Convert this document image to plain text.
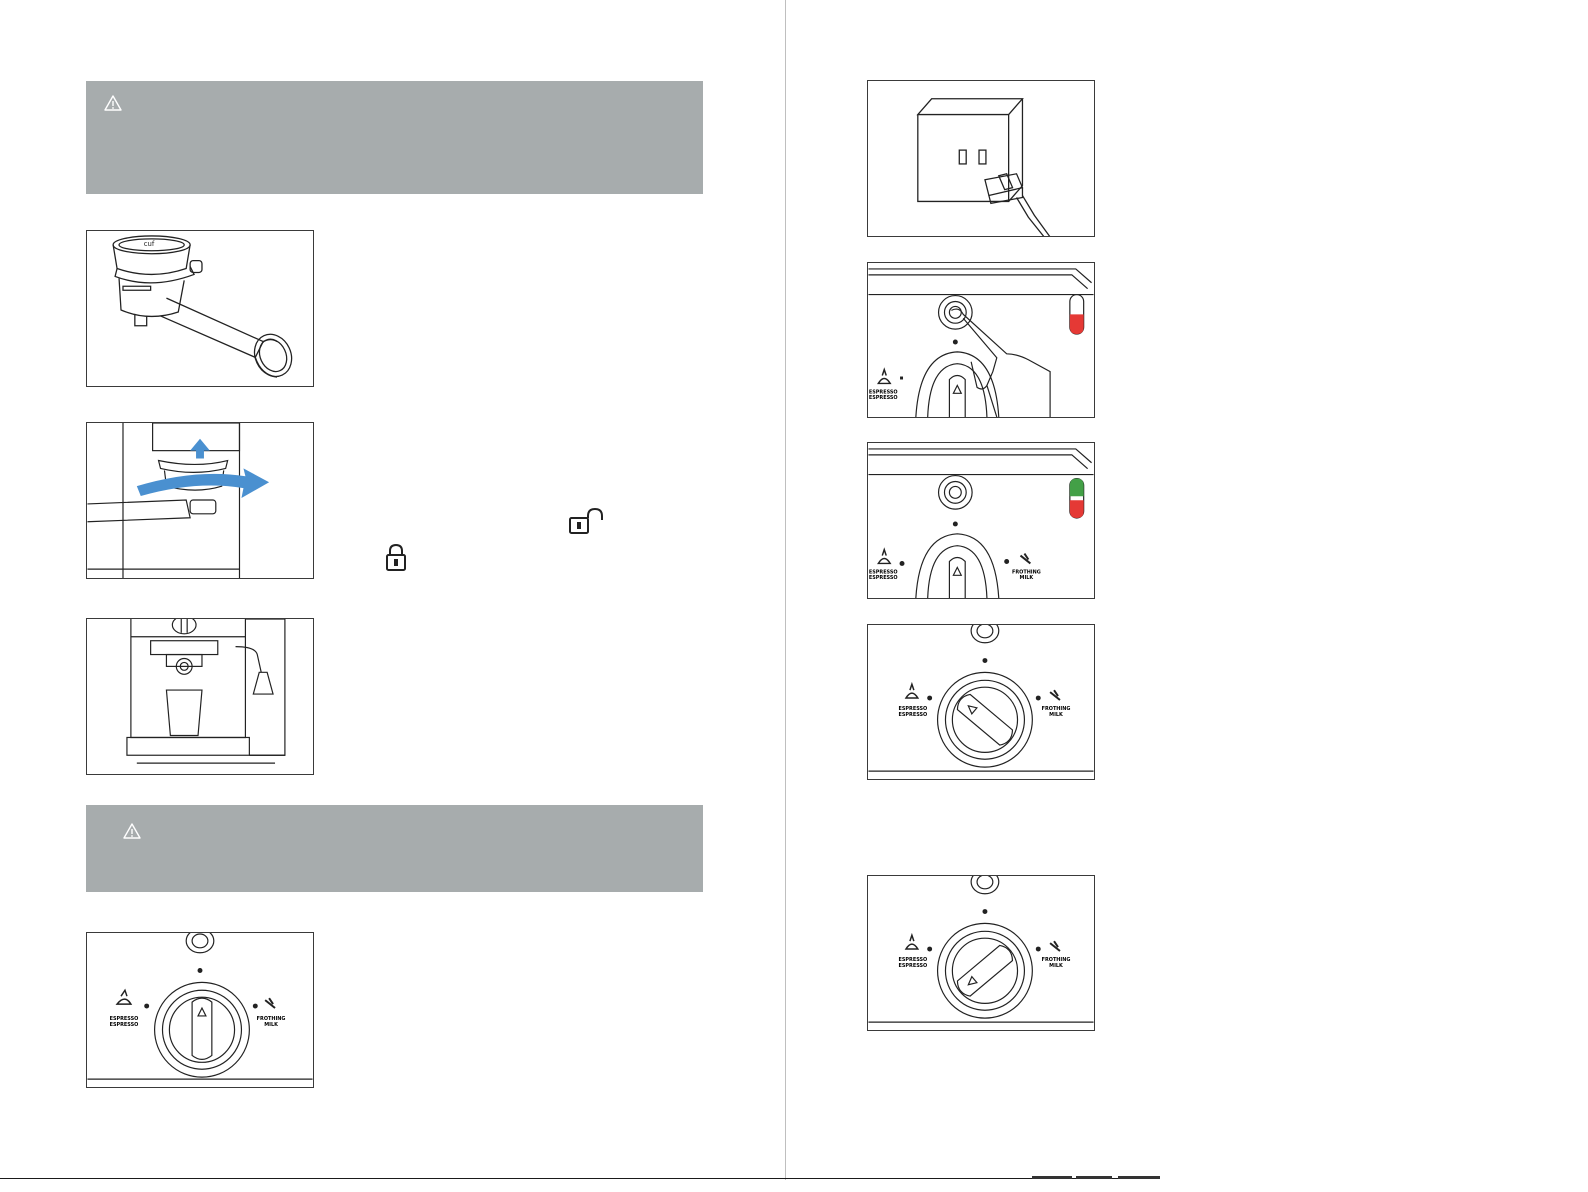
cuf
ESPRESSO
ESPRESSO
FROTHING
MILK
ESPRESSO
ESPRESSO
ESPRESSO
ESPRESSO
FROTHING
MILK
ESPRESSO
ESPRESSO
FROTHING
MILK
ESPRESSO
ESPRESSO
FROTHING
MILK
